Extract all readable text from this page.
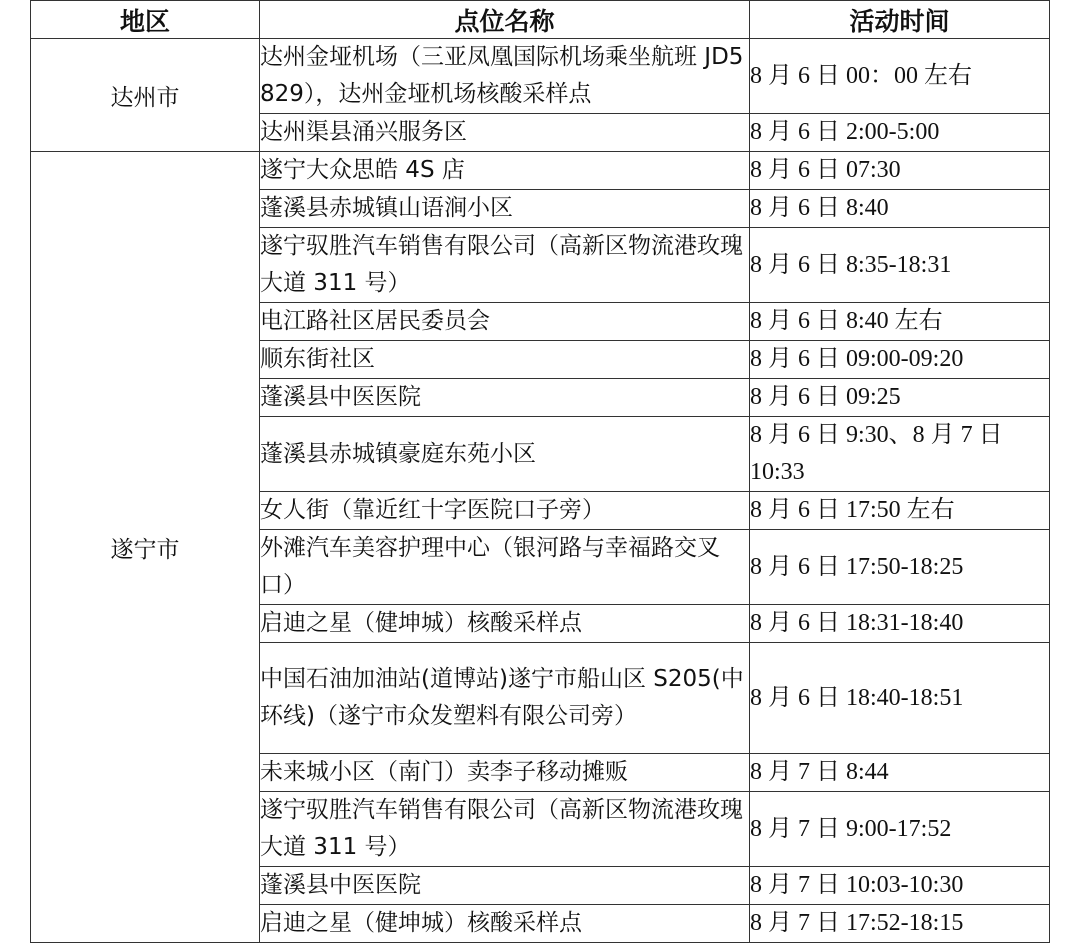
地区	点位名称	活动时间
达州市	达州金垭机场（三亚凤凰国际机场乘坐航班 JD5829），达州金垭机场核酸采样点	8 月 6 日 00：00 左右
	达州渠县涌兴服务区	8 月 6 日 2:00-5:00
遂宁市	遂宁大众思皓 4S 店	8 月 6 日 07:30
	蓬溪县赤城镇山语涧小区	8 月 6 日 8:40
	遂宁驭胜汽车销售有限公司（高新区物流港玫瑰大道 311 号）	8 月 6 日 8:35-18:31
	电江路社区居民委员会	8 月 6 日 8:40 左右
	顺东街社区	8 月 6 日 09:00-09:20
	蓬溪县中医医院	8 月 6 日 09:25
	蓬溪县赤城镇豪庭东苑小区	8 月 6 日 9:30、8 月 7 日 10:33
	女人街（靠近红十字医院口子旁）	8 月 6 日 17:50 左右
	外滩汽车美容护理中心（银河路与幸福路交叉口）	8 月 6 日 17:50-18:25
	启迪之星（健坤城）核酸采样点	8 月 6 日 18:31-18:40
	中国石油加油站(道博站)遂宁市船山区 S205(中环线)（遂宁市众发塑料有限公司旁）	8 月 6 日 18:40-18:51
	未来城小区（南门）卖李子移动摊贩	8 月 7 日 8:44
	遂宁驭胜汽车销售有限公司（高新区物流港玫瑰大道 311 号）	8 月 7 日 9:00-17:52
	蓬溪县中医医院	8 月 7 日 10:03-10:30
	启迪之星（健坤城）核酸采样点	8 月 7 日 17:52-18:15
